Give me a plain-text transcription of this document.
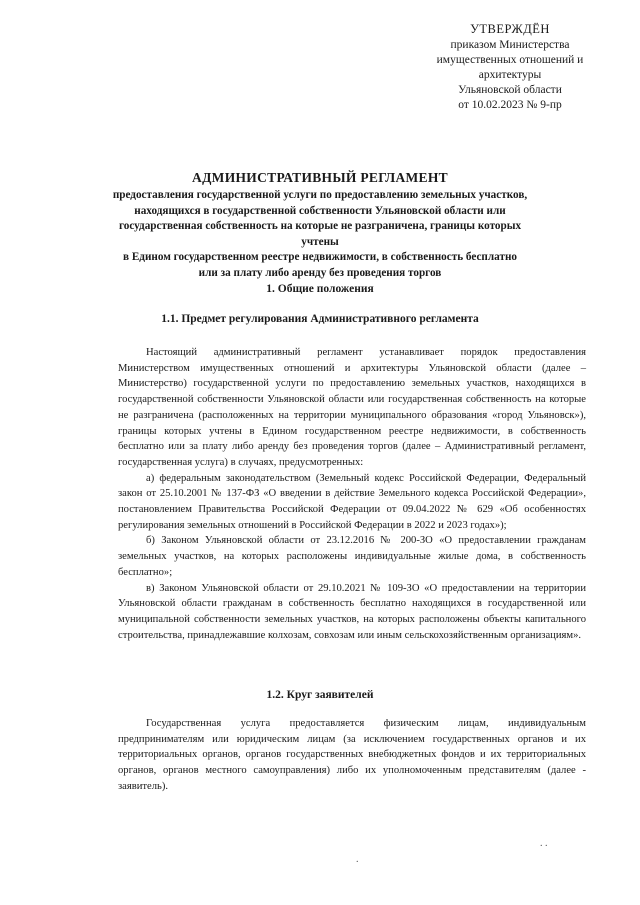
УТВЕРЖДЁН
приказом Министерства
имущественных отношений и
архитектуры
Ульяновской области
от 10.02.2023 № 9-пр
АДМИНИСТРАТИВНЫЙ РЕГЛАМЕНТ
предоставления государственной услуги по предоставлению земельных участков,
находящихся в государственной собственности Ульяновской области или
государственная собственность на которые не разграничена, границы которых учтены
в Едином государственном реестре недвижимости, в собственность бесплатно
или за плату либо аренду без проведения торгов
1. Общие положения
1.1. Предмет регулирования Административного регламента

Настоящий административный регламент устанавливает порядок предоставления Министерством имущественных отношений и архитектуры Ульяновской области (далее – Министерство) государственной услуги по предоставлению земельных участков, находящихся в государственной собственности Ульяновской области или государственная собственность на которые не разграничена (расположенных на территории муниципального образования «город Ульяновск»), границы которых учтены в Едином государственном реестре недвижимости, в собственность бесплатно или за плату либо аренду без проведения торгов (далее – Административный регламент, государственная услуга) в случаях, предусмотренных:

а) федеральным законодательством (Земельный кодекс Российской Федерации, Федеральный закон от 25.10.2001 № 137-ФЗ «О введении в действие Земельного кодекса Российской Федерации», постановлением Правительства Российской Федерации от 09.04.2022 № 629 «Об особенностях регулирования земельных отношений в Российской Федерации в 2022 и 2023 годах»);

б) Законом Ульяновской области от 23.12.2016 № 200-ЗО «О предоставлении гражданам земельных участков, на которых расположены индивидуальные жилые дома, в собственность бесплатно»;

в) Законом Ульяновской области от 29.10.2021 № 109-ЗО «О предоставлении на территории Ульяновской области гражданам в собственность бесплатно находящихся в государственной или муниципальной собственности земельных участков, на которых расположены объекты капитального строительства, принадлежавшие колхозам, совхозам или иным сельскохозяйственным организациям».

1.2. Круг заявителей

Государственная услуга предоставляется физическим лицам, индивидуальным предпринимателям или юридическим лицам (за исключением государственных органов и их территориальных органов, органов государственных внебюджетных фондов и их территориальных органов, органов местного самоуправления) либо их уполномоченным представителям (далее - заявитель).

.
. .
